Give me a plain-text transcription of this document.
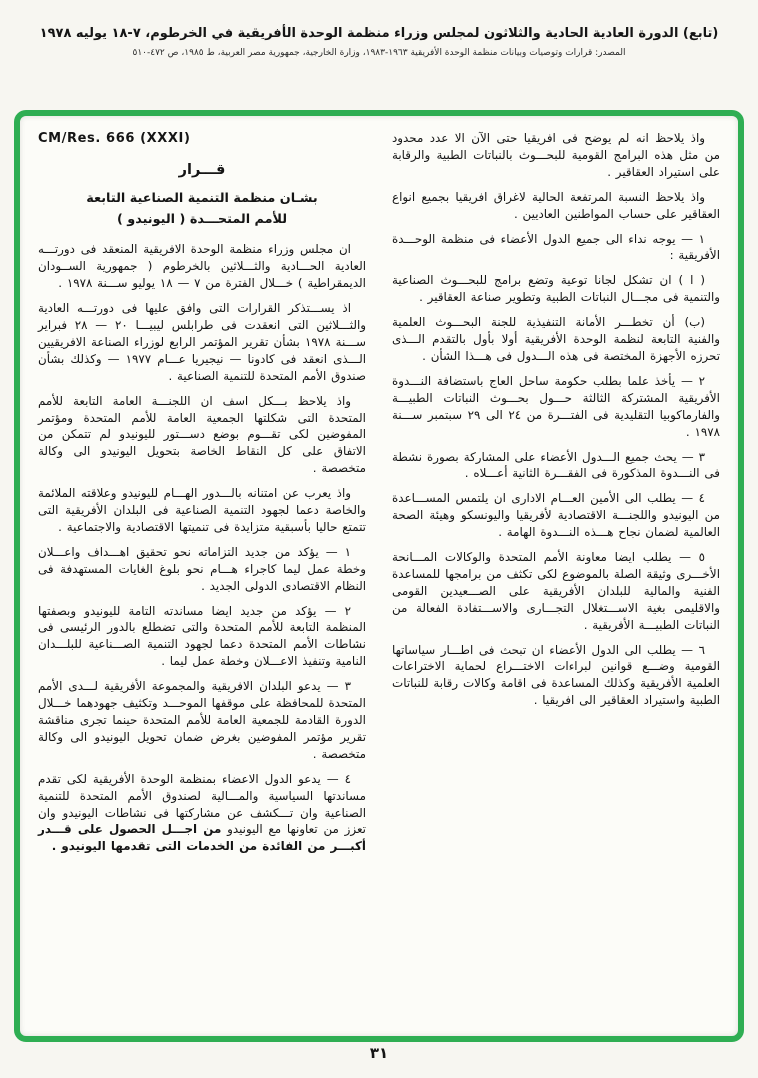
(تابع) الدورة العادية الحادية والثلاثون لمجلس وزراء منظمة الوحدة الأفريقية في الخرطوم، ٧-١٨ يوليه ١٩٧٨
المصدر: قرارات وتوصيات وبيانات منظمة الوحدة الأفريقية ١٩٦٣-١٩٨٣، وزارة الخارجية، جمهورية مصر العربية، ط ١٩٨٥، ص ٤٧٢-٥١٠

واذ يلاحظ انه لم يوضح فى افريقيا حتى الآن الا عدد محدود من مثل هذه البرامج القومية للبحـــوث بالنباتات الطبية والرقابة على استيراد العقاقير .

واذ يلاحظ النسبة المرتفعة الحالية لاغراق افريقيا بجميع انواع العقاقير على حساب المواطنين العاديين .

١ — يوجه نداء الى جميع الدول الأعضاء فى منظمة الوحـــدة الأفريقية :

( ا ) ان تشكل لجانا توعية وتضع برامج للبحـــوث الصناعية والتنمية فى مجـــال النباتات الطبية وتطوير صناعة العقاقير .

(ب) أن تخطـــر الأمانة التنفيذية للجنة البحـــوث العلمية والفنية التابعة لنظمة الوحدة الأفريقية أولا بأول بالتقدم الـــذى تحرزه الأجهزة المختصة فى هذه الـــدول فى هـــذا الشأن .

٢ — يأخذ علما بطلب حكومة ساحل العاج باستضافة النـــدوة الأفريقية المشتركة الثالثة حـــول بحـــوث النباتات الطبيـــة والفارماكوبيا التقليدية فى الفتـــرة من ٢٤ الى ٢٩ سبتمبر ســـنة ١٩٧٨ .

٣ — يحث جميع الـــدول الأعضاء على المشاركة بصورة نشطة فى النـــدوة المذكورة فى الفقـــرة الثانية أعـــلاه .

٤ — يطلب الى الأمين العـــام الادارى ان يلتمس المســـاعدة من اليونيدو واللجنـــة الاقتصادية لأفريقيا واليونسكو وهيئة الصحة العالمية لضمان نجاح هـــذه النـــدوة الهامة .

٥ — يطلب ايضا معاونة الأمم المتحدة والوكالات المـــانحة الأخـــرى وثيقة الصلة بالموضوع لكى تكثف من برامجها للمساعدة الفنية والمالية للبلدان الأفريقية على الصـــعيدين القومى والاقليمى بغية الاســـتغلال التجـــارى والاســـتفادة الفعالة من النباتات الطبيـــة الأفريقية .

٦ — يطلب الى الدول الأعضاء ان تبحث فى اطـــار سياساتها القومية وضـــع قوانين لبراءات الاختـــراع لحماية الاختراعات العلمية الأفريقية وكذلك المساعدة فى اقامة وكالات رقابة للنباتات الطبية واستيراد العقاقير الى افريقيا .

CM/Res. 666 (XXXI)
قـــرار
بشـان منظمة التنمية الصناعية التابعة
للأمم المتحـــدة ( اليونيدو )

ان مجلس وزراء منظمة الوحدة الافريقية المنعقد فى دورتـــه العادية الحـــادية والثـــلاثين بالخرطوم ( جمهورية الســودان الديمقراطية ) خـــلال الفترة من ٧ — ١٨ يوليو ســـنة ١٩٧٨ .

اذ يســـتذكر القرارات التى وافق عليها فى دورتـــه العادية والثـــلاثين التى انعقدت فى طرابلس ليبيـــا ٢٠ — ٢٨ فبراير ســـنة ١٩٧٨ بشأن تقرير المؤتمر الرابع لوزراء الصناعة الافريقيين الـــذى انعقد فى كادونا — نيجيريا عـــام ١٩٧٧ — وكذلك بشأن صندوق الأمم المتحدة للتنمية الصناعية .

واذ يلاحظ بـــكل اسف ان اللجنـــة العامة التابعة للأمم المتحدة التى شكلتها الجمعية العامة للأمم المتحدة ومؤتمر المفوضين لكى تقـــوم بوضع دســـتور لليونيدو لم تتمكن من الاتفاق على كل النقاط الخاصة بتحويل اليونيدو الى وكالة متخصصة .

واذ يعرب عن امتنانه بالـــدور الهـــام لليونيدو وعلاقته الملائمة والخاصة دعما لجهود التنمية الصناعية فى البلدان الأفريقية التى تتمتع حاليا بأسبقية متزايدة فى تنميتها الاقتصادية والاجتماعية .

١ — يؤكد من جديد التزاماته نحو تحقيق اهـــداف واعـــلان وخطة عمل ليما كاجراء هـــام نحو بلوغ الغايات المستهدفة فى النظام الاقتصادى الدولى الجديد .

٢ — يؤكد من جديد ايضا مساندته التامة لليونيدو وبصفتها المنظمة التابعة للأمم المتحدة والتى تضطلع بالدور الرئيسى فى نشاطات الأمم المتحدة دعما لجهود التنمية الصـــناعية للبلـــدان النامية وتنفيذ الاعـــلان وخطة عمل ليما .

٣ — يدعو البلدان الافريقية والمجموعة الأفريقية لـــدى الأمم المتحدة للمحافظة على موقفها الموحـــد وتكثيف جهودهما خـــلال الدورة القادمة للجمعية العامة للأمم المتحدة حينما تجرى مناقشة تقرير مؤتمر المفوضين بغرض ضمان تحويل اليونيدو الى وكالة متخصصة .

٤ — يدعو الدول الاعضاء بمنظمة الوحدة الأفريقية لكى تقدم مساندتها السياسية والمـــالية لصندوق الأمم المتحدة للتنمية الصناعية وان تـــكشف عن مشاركتها فى نشاطات اليونيدو وان تعزز من تعاونها مع اليونيدو من اجـــل الحصول على قـــدر أكبـــر من الفائدة من الخدمات التى تقدمها اليونيدو .

٣١
